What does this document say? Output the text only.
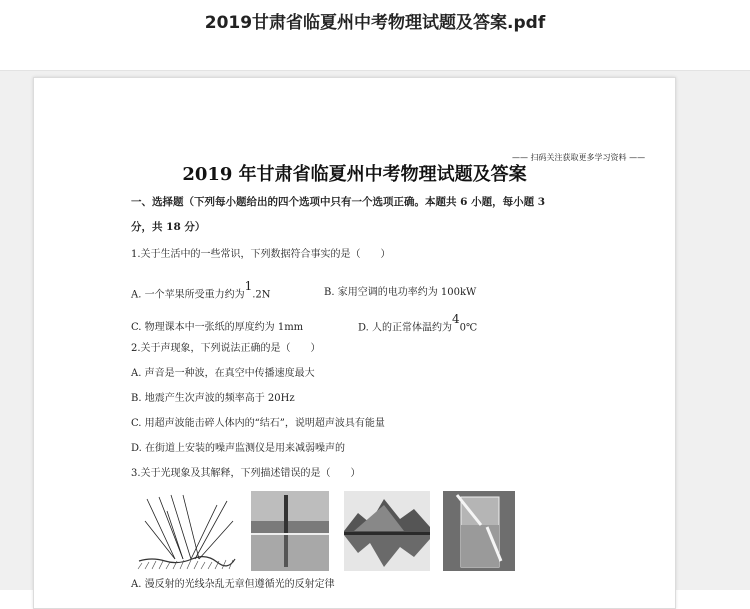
2019甘肃省临夏州中考物理试题及答案.pdf
—— 扫码关注获取更多学习资料 ——
2019 年甘肃省临夏州中考物理试题及答案
一、选择题（下列每小题给出的四个选项中只有一个选项正确。本题共 6 小题，每小题 3
分，共 18 分）
1.关于生活中的一些常识，下列数据符合事实的是（　　）
A. 一个苹果所受重力约为$^1$.2N	B. 家用空调的电功率约为 100kW
C. 物理课本中一张纸的厚度约为 1mm	D. 人的正常体温约为$^4$0℃
2.关于声现象，下列说法正确的是（　　）
A. 声音是一种波，在真空中传播速度最大
B. 地震产生次声波的频率高于 20Hz
C. 用超声波能击碎人体内的“结石”，说明超声波具有能量
D. 在街道上安装的噪声监测仪是用来减弱噪声的
3.关于光现象及其解释，下列描述错误的是（　　）
A. 漫反射的光线杂乱无章但遵循光的反射定律
